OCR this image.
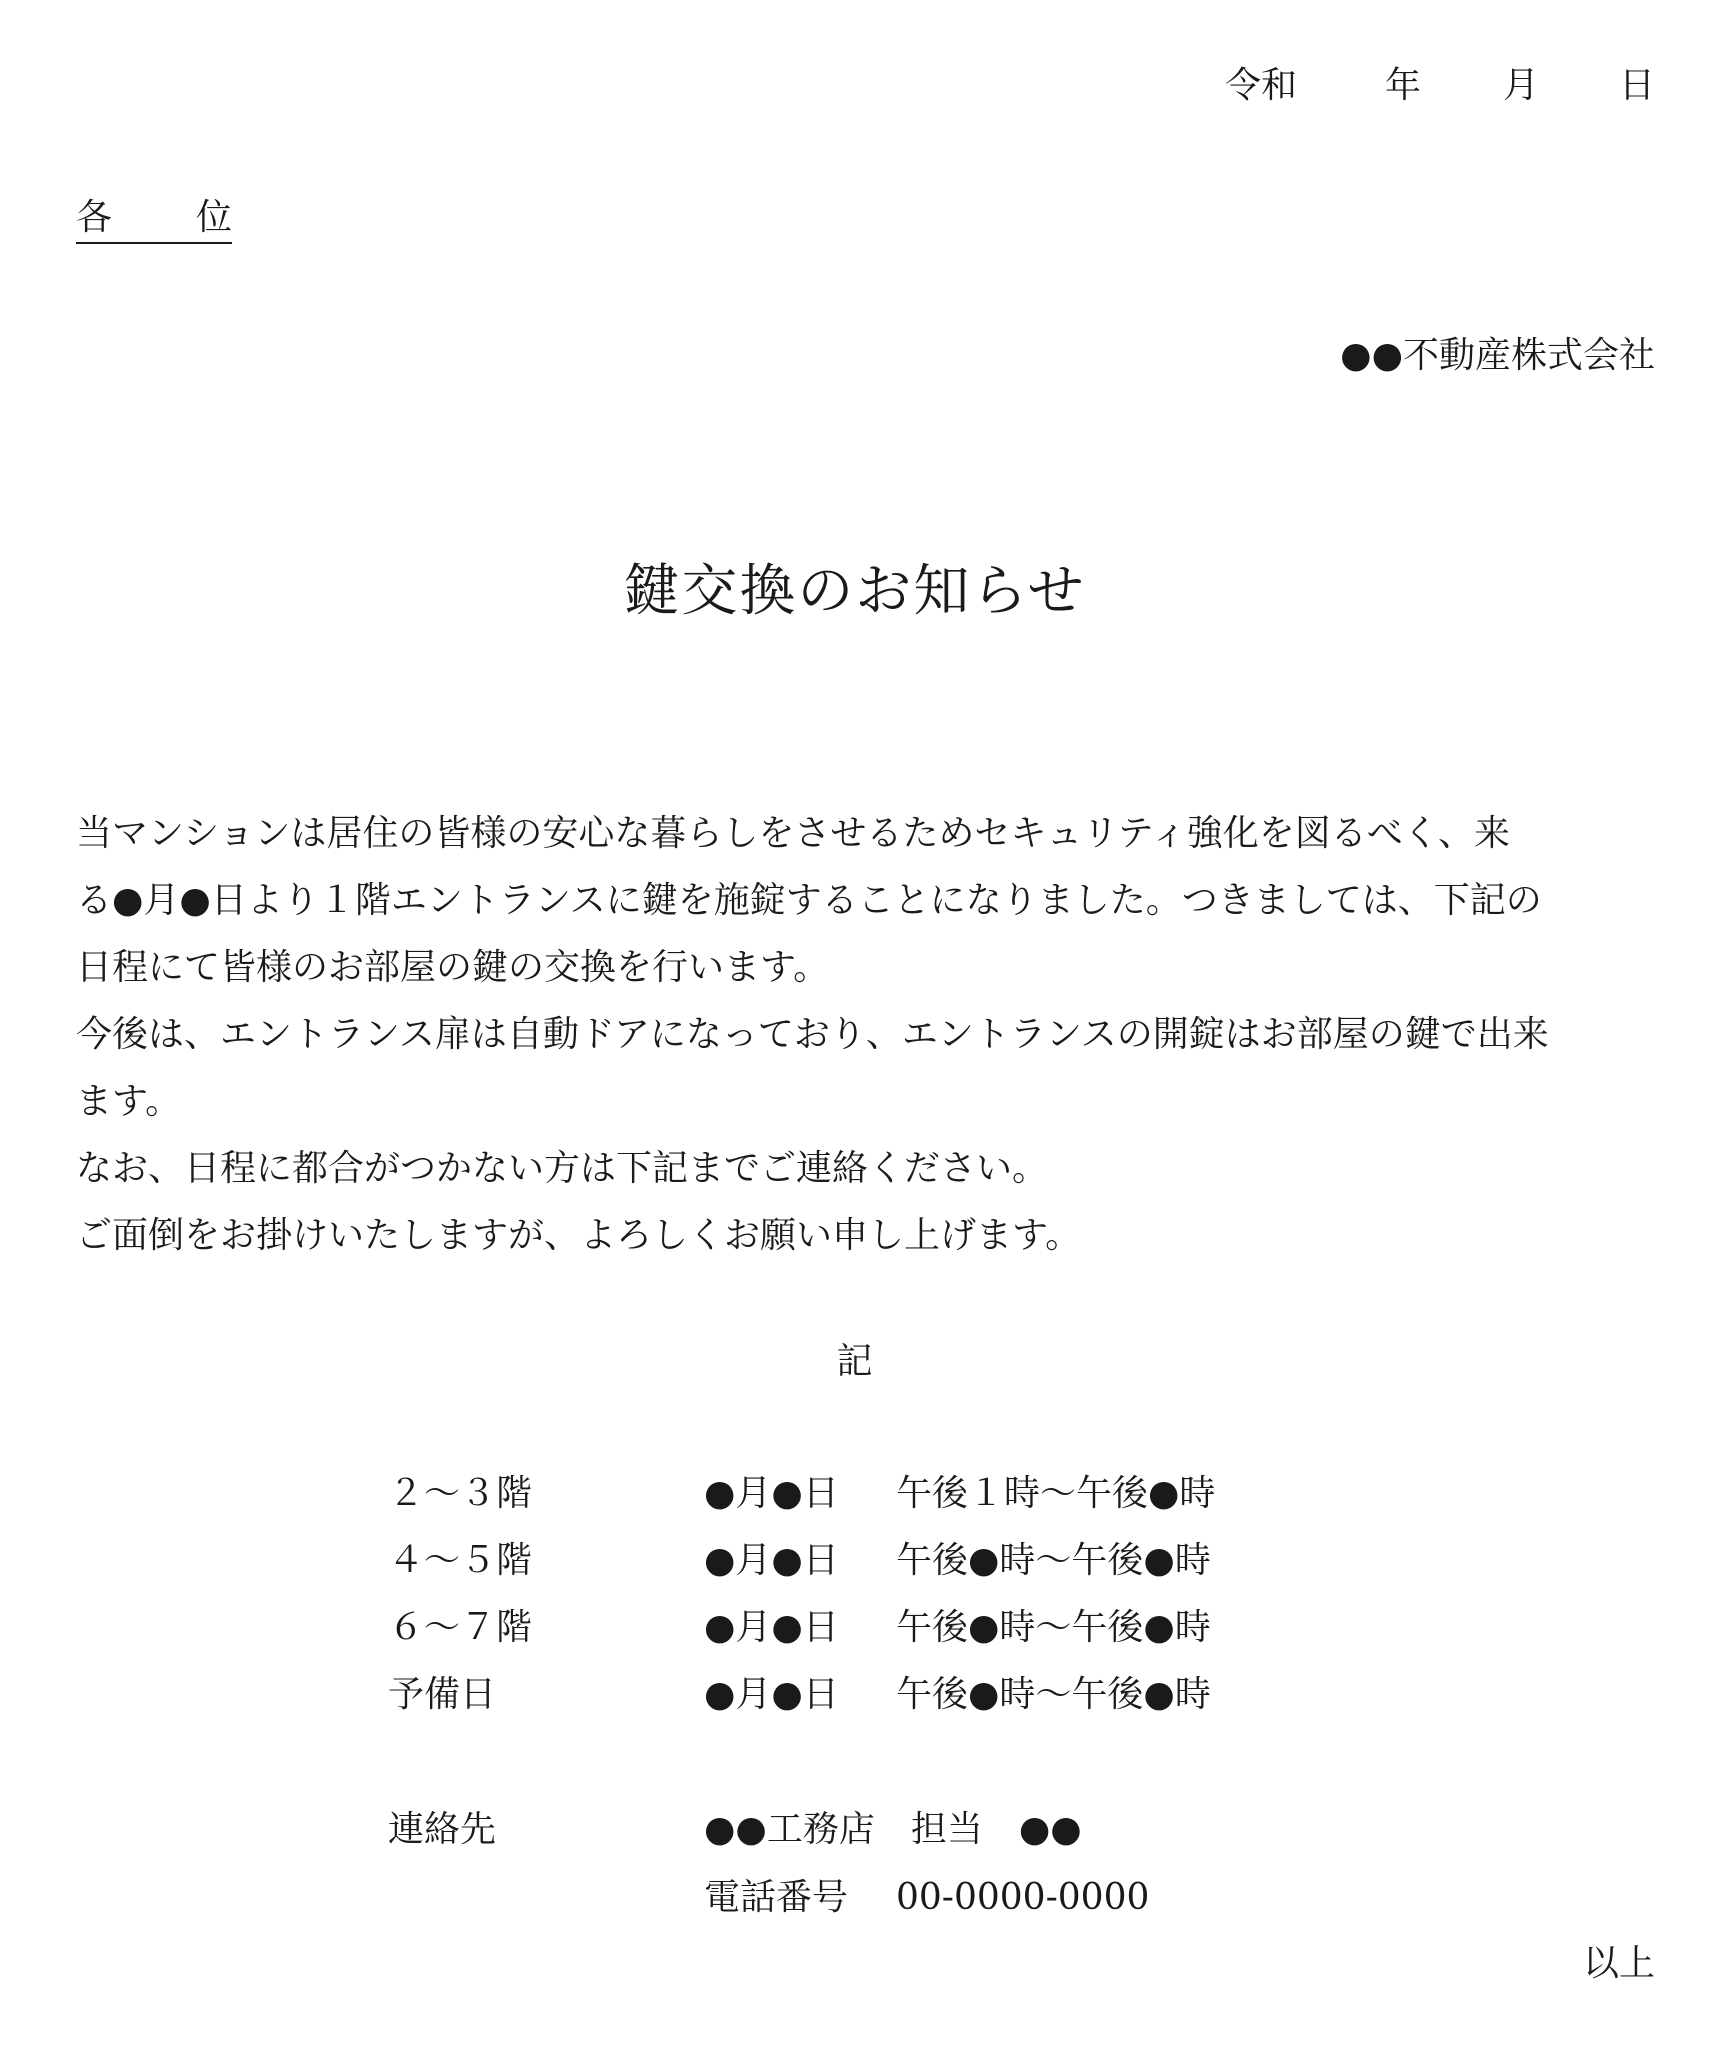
令和	年	月	日
各 位
●●不動産株式会社
鍵交換のお知らせ

当マンションは居住の皆様の安心な暮らしをさせるためセキュリティ強化を図るべく、来

る●月●日より１階エントランスに鍵を施錠することになりました。つきましては、下記の

日程にて皆様のお部屋の鍵の交換を行います。

今後は、エントランス扉は自動ドアになっており、エントランスの開錠はお部屋の鍵で出来

ます。

なお、日程に都合がつかない方は下記までご連絡ください。

ご面倒をお掛けいたしますが、よろしくお願い申し上げます。

記
２～３階	●月●日	午後１時～午後●時
４～５階	●月●日	午後●時～午後●時
６～７階	●月●日	午後●時～午後●時
予備日	●月●日	午後●時～午後●時
連絡先	●●工務店　担当　●●
電話番号	00-0000-0000
以上
